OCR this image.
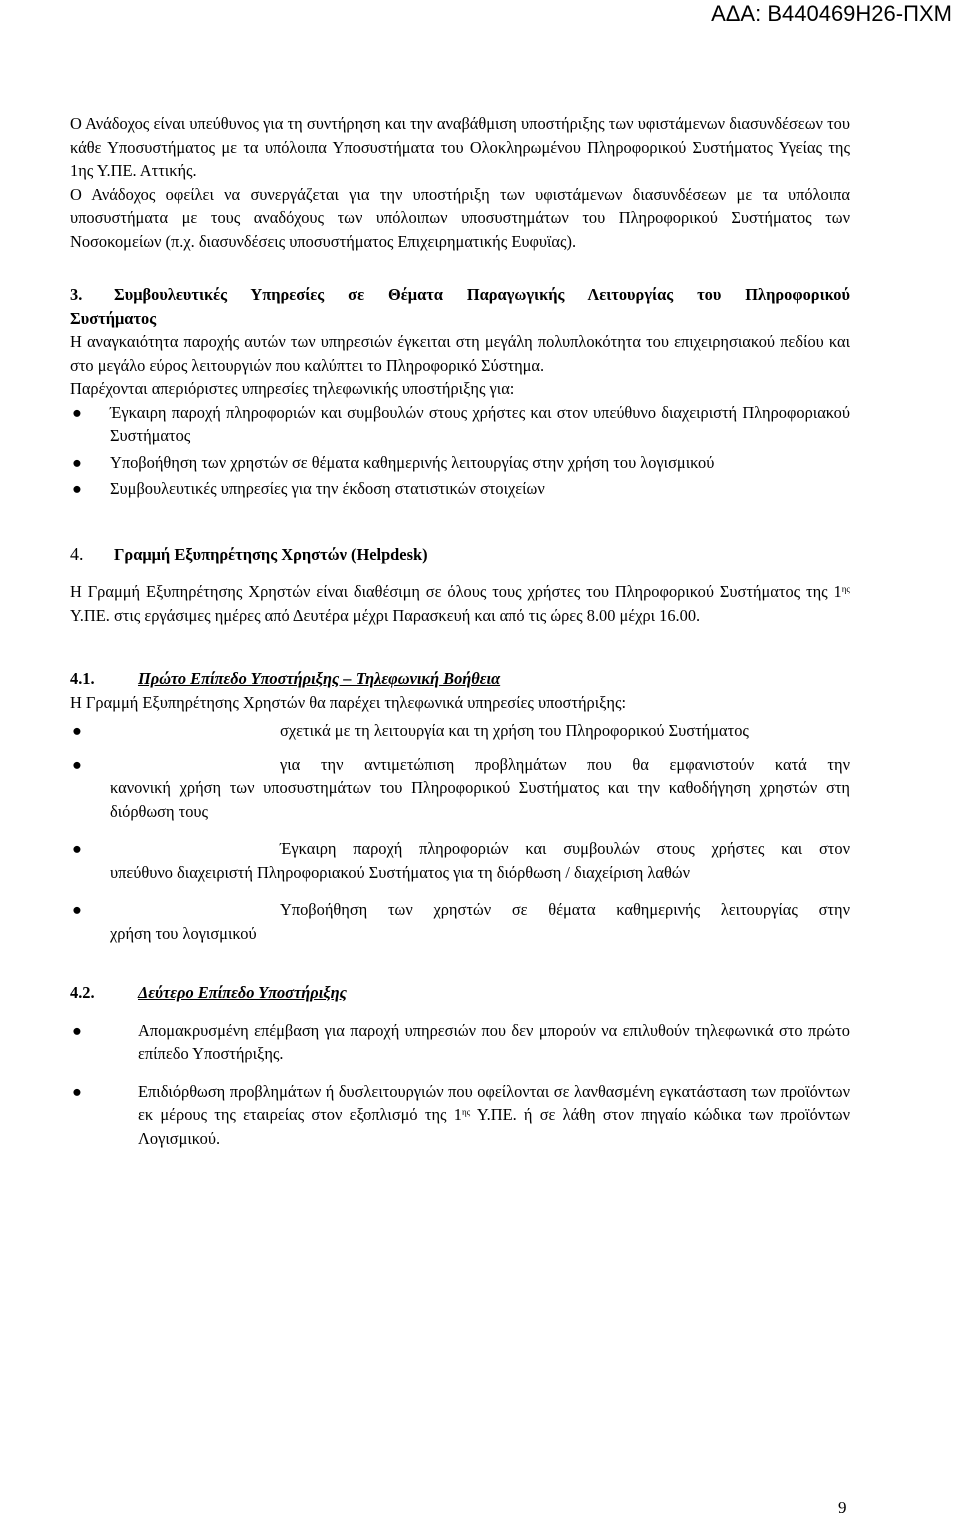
ΑΔΑ: Β440469Η26-ΠΧΜ

Ο Ανάδοχος είναι υπεύθυνος για τη συντήρηση και την αναβάθμιση υποστήριξης των υφιστάμενων διασυνδέσεων του κάθε Υποσυστήματος με τα υπόλοιπα Υποσυστήματα του Ολοκληρωμένου Πληροφορικού Συστήματος Υγείας της 1ης Υ.ΠΕ. Αττικής.

Ο Ανάδοχος οφείλει να συνεργάζεται για την υποστήριξη των υφιστάμενων διασυνδέσεων με τα υπόλοιπα υποσυστήματα με τους αναδόχους των υπόλοιπων υποσυστημάτων του Πληροφορικού Συστήματος των Νοσοκομείων (π.χ. διασυνδέσεις υποσυστήματος Επιχειρηματικής Ευφυϊας).

3.	Συμβουλευτικές Υπηρεσίες σε Θέματα Παραγωγικής Λειτουργίας του Πληροφορικού
Συστήματος

Η αναγκαιότητα παροχής αυτών των υπηρεσιών έγκειται στη μεγάλη πολυπλοκότητα του επιχειρησιακού πεδίου και στο μεγάλο εύρος λειτουργιών που καλύπτει το Πληροφορικό Σύστημα.

Παρέχονται απεριόριστες υπηρεσίες τηλεφωνικής υποστήριξης για:

●	Έγκαιρη παροχή πληροφοριών και συμβουλών στους χρήστες και στον υπεύθυνο διαχειριστή Πληροφοριακού Συστήματος
●	Υποβοήθηση των χρηστών σε θέματα καθημερινής λειτουργίας στην χρήση του λογισμικού
●	Συμβουλευτικές υπηρεσίες για την έκδοση στατιστικών στοιχείων
4.	Γραμμή Εξυπηρέτησης Χρηστών (Helpdesk)

Η Γραμμή Εξυπηρέτησης Χρηστών είναι διαθέσιμη σε όλους τους χρήστες του Πληροφορικού Συστήματος της $1^{\eta\varsigma}$ Υ.ΠΕ. στις εργάσιμες ημέρες από Δευτέρα μέχρι Παρασκευή και από τις ώρες 8.00 μέχρι 16.00.

4.1.	Πρώτο Επίπεδο Υποστήριξης – Τηλεφωνική Βοήθεια

Η Γραμμή Εξυπηρέτησης Χρηστών θα παρέχει τηλεφωνικά υπηρεσίες υποστήριξης:

●	σχετικά με τη λειτουργία και τη χρήση του Πληροφορικού Συστήματος
●	για την αντιμετώπιση προβλημάτων που θα εμφανιστούν κατά την
κανονική χρήση των υποσυστημάτων του Πληροφορικού Συστήματος και την καθοδήγηση χρηστών στη διόρθωση τους
●	Έγκαιρη παροχή πληροφοριών και συμβουλών στους χρήστες και στον
υπεύθυνο διαχειριστή Πληροφοριακού Συστήματος για τη διόρθωση / διαχείριση λαθών
●	Υποβοήθηση των χρηστών σε θέματα καθημερινής λειτουργίας στην
χρήση του λογισμικού
4.2.	Δεύτερο Επίπεδο Υποστήριξης
●	Απομακρυσμένη επέμβαση για παροχή υπηρεσιών που δεν μπορούν να επιλυθούν τηλεφωνικά στο πρώτο επίπεδο Υποστήριξης.
●	Επιδιόρθωση προβλημάτων ή δυσλειτουργιών που οφείλονται σε λανθασμένη εγκατάσταση των προϊόντων εκ μέρους της εταιρείας στον εξοπλισμό της $1^{\eta\varsigma}$ Υ.ΠΕ. ή σε λάθη στον πηγαίο κώδικα των προϊόντων Λογισμικού.
9
